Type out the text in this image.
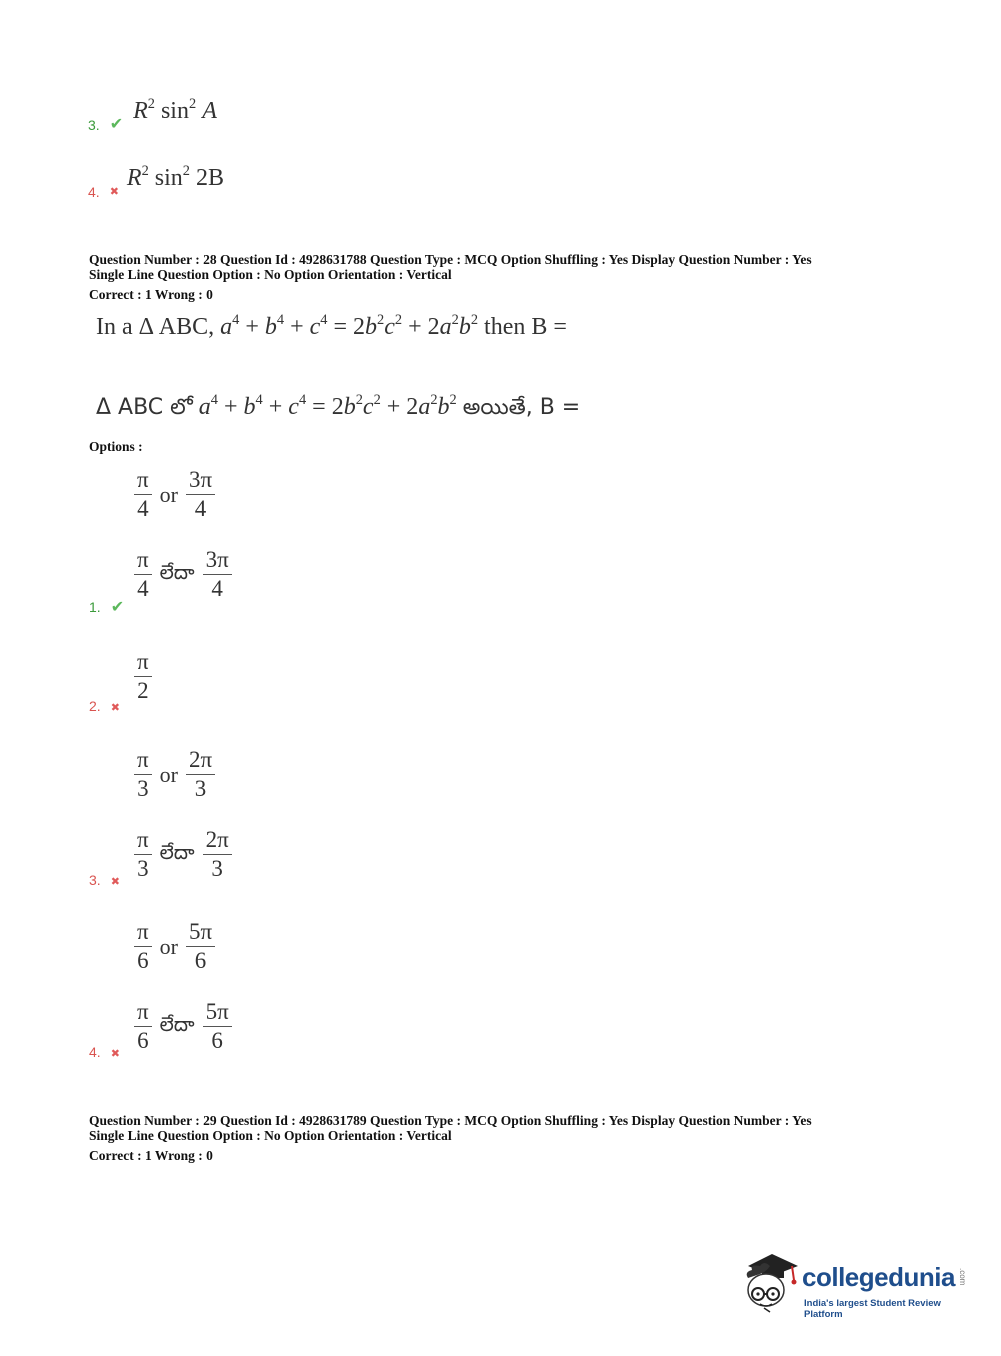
3. ✔ $R^2$ $\sin^2 A$
4. ✖
$R^2$ $\sin^2 2B$
Question Number : 28 Question Id : 4928631788 Question Type : MCQ Option Shuffling : Yes Display Question Number : Yes
Single Line Question Option : No Option Orientation : Vertical
Correct : 1 Wrong : 0
In a Δ ABC, $a^4 + b^4 + c^4 = 2b^2c^2 + 2a^2b^2$ then B =
Δ ABC లో $a^4 + b^4 + c^4 = 2b^2c^2 + 2a^2b^2$ అయితే, B =
Options :
$\frac{\pi}{4}$ or $\frac{3\pi}{4}$
$\frac{\pi}{4}$ లేదా $\frac{3\pi}{4}$
1. ✔
$\frac{\pi}{2}$
2. ✖
$\frac{\pi}{3}$ or $\frac{2\pi}{3}$
$\frac{\pi}{3}$ లేదా $\frac{2\pi}{3}$
3. ✖
$\frac{\pi}{6}$ or $\frac{5\pi}{6}$
$\frac{\pi}{6}$ లేదా $\frac{5\pi}{6}$
4. ✖
Question Number : 29 Question Id : 4928631789 Question Type : MCQ Option Shuffling : Yes Display Question Number : Yes
Single Line Question Option : No Option Orientation : Vertical
Correct : 1 Wrong : 0
collegedunia .com
India's largest Student Review Platform
